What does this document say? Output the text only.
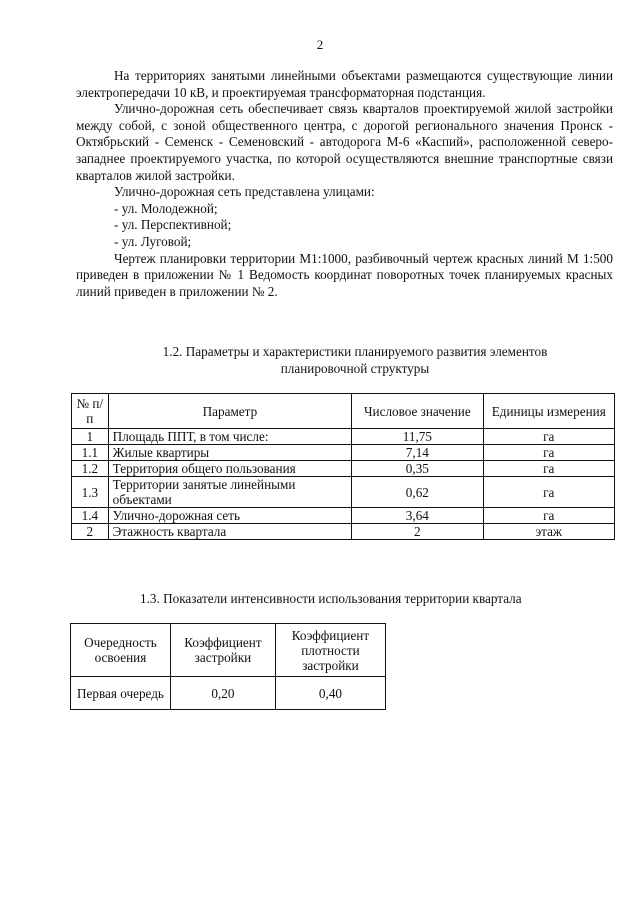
2

На территориях занятыми линейными объектами размещаются существующие линии электропередачи 10 кВ, и проектируемая трансформаторная подстанция.

Улично-дорожная сеть обеспечивает связь кварталов проектируемой жилой застройки между собой, с зоной общественного центра, с дорогой регионального значения Пронск - Октябрьский - Семенск - Семеновский - автодорога М-6 «Каспий», расположенной северо-западнее проектируемого участка, по которой осуществляются внешние транспортные связи кварталов жилой застройки.

Улично-дорожная сеть представлена улицами:

- ул. Молодежной;

- ул. Перспективной;

- ул. Луговой;

Чертеж планировки территории М1:1000, разбивочный чертеж красных линий М 1:500 приведен в приложении № 1 Ведомость координат поворотных точек планируемых красных линий приведен в приложении № 2.

1.2. Параметры и характеристики планируемого развития элементов
планировочной структуры
№ п/п	Параметр	Числовое значение	Единицы измерения
1	Площадь ППТ, в том числе:	11,75	га
1.1	Жилые квартиры	7,14	га
1.2	Территория общего пользования	0,35	га
1.3	Территории занятые линейными объектами	0,62	га
1.4	Улично-дорожная сеть	3,64	га
2	Этажность квартала	2	этаж
1.3. Показатели интенсивности использования территории квартала
Очередность освоения	Коэффициент застройки	Коэффициент плотности застройки
Первая очередь	0,20	0,40
